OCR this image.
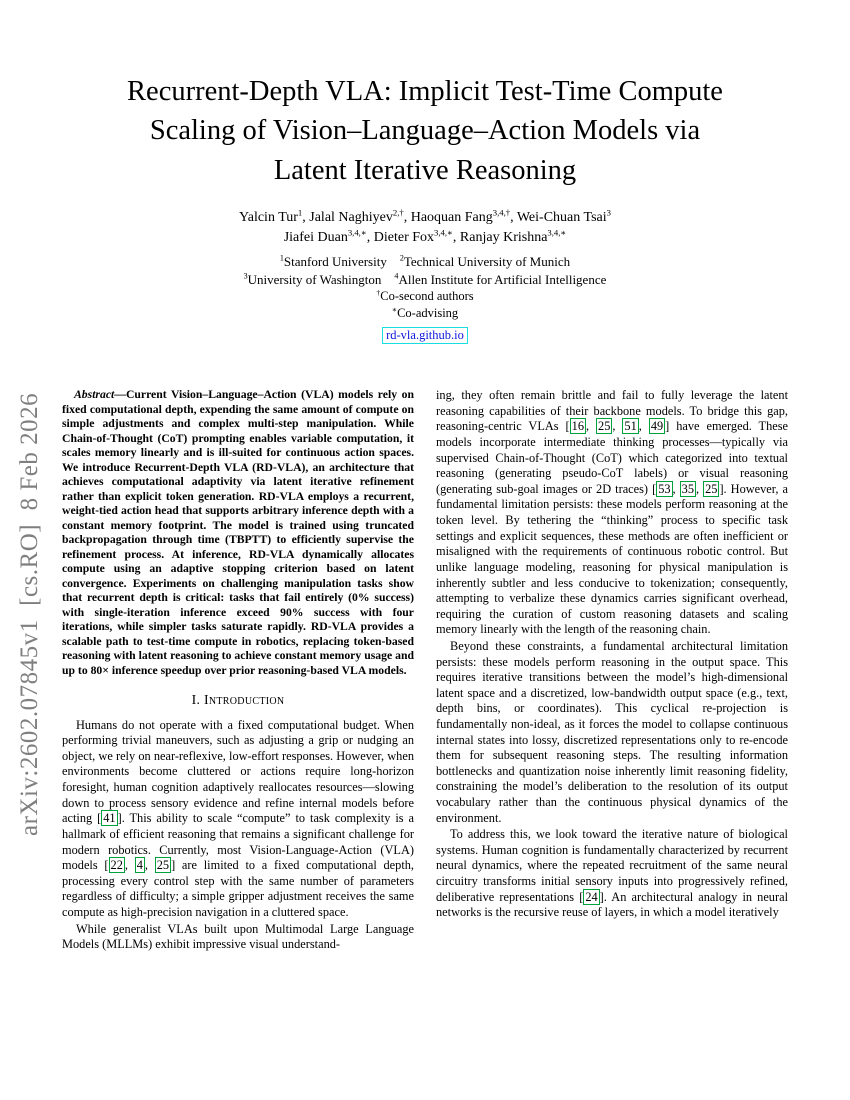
arXiv:2602.07845v1  [cs.RO]  8 Feb 2026
Recurrent-Depth VLA: Implicit Test-Time Compute
Scaling of Vision–Language–Action Models via
Latent Iterative Reasoning
Yalcin Tur$^1$, Jalal Naghiyev$^{2,\dagger}$, Haoquan Fang$^{3,4,\dagger}$, Wei-Chuan Tsai$^3$
Jiafei Duan$^{3,4,∗}$, Dieter Fox$^{3,4,∗}$, Ranjay Krishna$^{3,4,∗}$
$^1$Stanford University $^2$Technical University of Munich
$^3$University of Washington $^4$Allen Institute for Artificial Intelligence
†Co-second authors
∗Co-advising
rd-vla.github.io

Abstract—Current Vision–Language–Action (VLA) models rely on fixed computational depth, expending the same amount of compute on simple adjustments and complex multi-step manipulation. While Chain-of-Thought (CoT) prompting enables variable computation, it scales memory linearly and is ill-suited for continuous action spaces. We introduce Recurrent-Depth VLA (RD-VLA), an architecture that achieves computational adaptivity via latent iterative refinement rather than explicit token generation. RD-VLA employs a recurrent, weight-tied action head that supports arbitrary inference depth with a constant memory footprint. The model is trained using truncated backpropagation through time (TBPTT) to efficiently supervise the refinement process. At inference, RD-VLA dynamically allocates compute using an adaptive stopping criterion based on latent convergence. Experiments on challenging manipulation tasks show that recurrent depth is critical: tasks that fail entirely (0% success) with single-iteration inference exceed 90% success with four iterations, while simpler tasks saturate rapidly. RD-VLA provides a scalable path to test-time compute in robotics, replacing token-based reasoning with latent reasoning to achieve constant memory usage and up to 80× inference speedup over prior reasoning-based VLA models.

I. Introduction

Humans do not operate with a fixed computational budget. When performing trivial maneuvers, such as adjusting a grip or nudging an object, we rely on near-reflexive, low-effort responses. However, when environments become cluttered or actions require long-horizon foresight, human cognition adaptively reallocates resources—slowing down to process sensory evidence and refine internal models before acting [ 41 ]. This ability to scale “compute” to task complexity is a hallmark of efficient reasoning that remains a significant challenge for modern robotics. Currently, most Vision-Language-Action (VLA) models [ 22 , 4 , 25 ] are limited to a fixed computational depth, processing every control step with the same number of parameters regardless of difficulty; a simple gripper adjustment receives the same compute as high-precision navigation in a cluttered space.

While generalist VLAs built upon Multimodal Large Language Models (MLLMs) exhibit impressive visual understand-

ing, they often remain brittle and fail to fully leverage the latent reasoning capabilities of their backbone models. To bridge this gap, reasoning-centric VLAs [ 16 , 25 , 51 , 49 ] have emerged. These models incorporate intermediate thinking processes—typically via supervised Chain-of-Thought (CoT) which categorized into textual reasoning (generating pseudo-CoT labels) or visual reasoning (generating sub-goal images or 2D traces) [ 53 , 35 , 25 ]. However, a fundamental limitation persists: these models perform reasoning at the token level. By tethering the “thinking” process to specific task settings and explicit sequences, these methods are often inefficient or misaligned with the requirements of continuous robotic control. But unlike language modeling, reasoning for physical manipulation is inherently subtler and less conducive to tokenization; consequently, attempting to verbalize these dynamics carries significant overhead, requiring the curation of custom reasoning datasets and scaling memory linearly with the length of the reasoning chain.

Beyond these constraints, a fundamental architectural limitation persists: these models perform reasoning in the output space. This requires iterative transitions between the model’s high-dimensional latent space and a discretized, low-bandwidth output space (e.g., text, depth bins, or coordinates). This cyclical re-projection is fundamentally non-ideal, as it forces the model to collapse continuous internal states into lossy, discretized representations only to re-encode them for subsequent reasoning steps. The resulting information bottlenecks and quantization noise inherently limit reasoning fidelity, constraining the model’s deliberation to the resolution of its output vocabulary rather than the continuous physical dynamics of the environment.

To address this, we look toward the iterative nature of biological systems. Human cognition is fundamentally characterized by recurrent neural dynamics, where the repeated recruitment of the same neural circuitry transforms initial sensory inputs into progressively refined, deliberative representations [ 24 ]. An architectural analogy in neural networks is the recursive reuse of layers, in which a model iteratively
